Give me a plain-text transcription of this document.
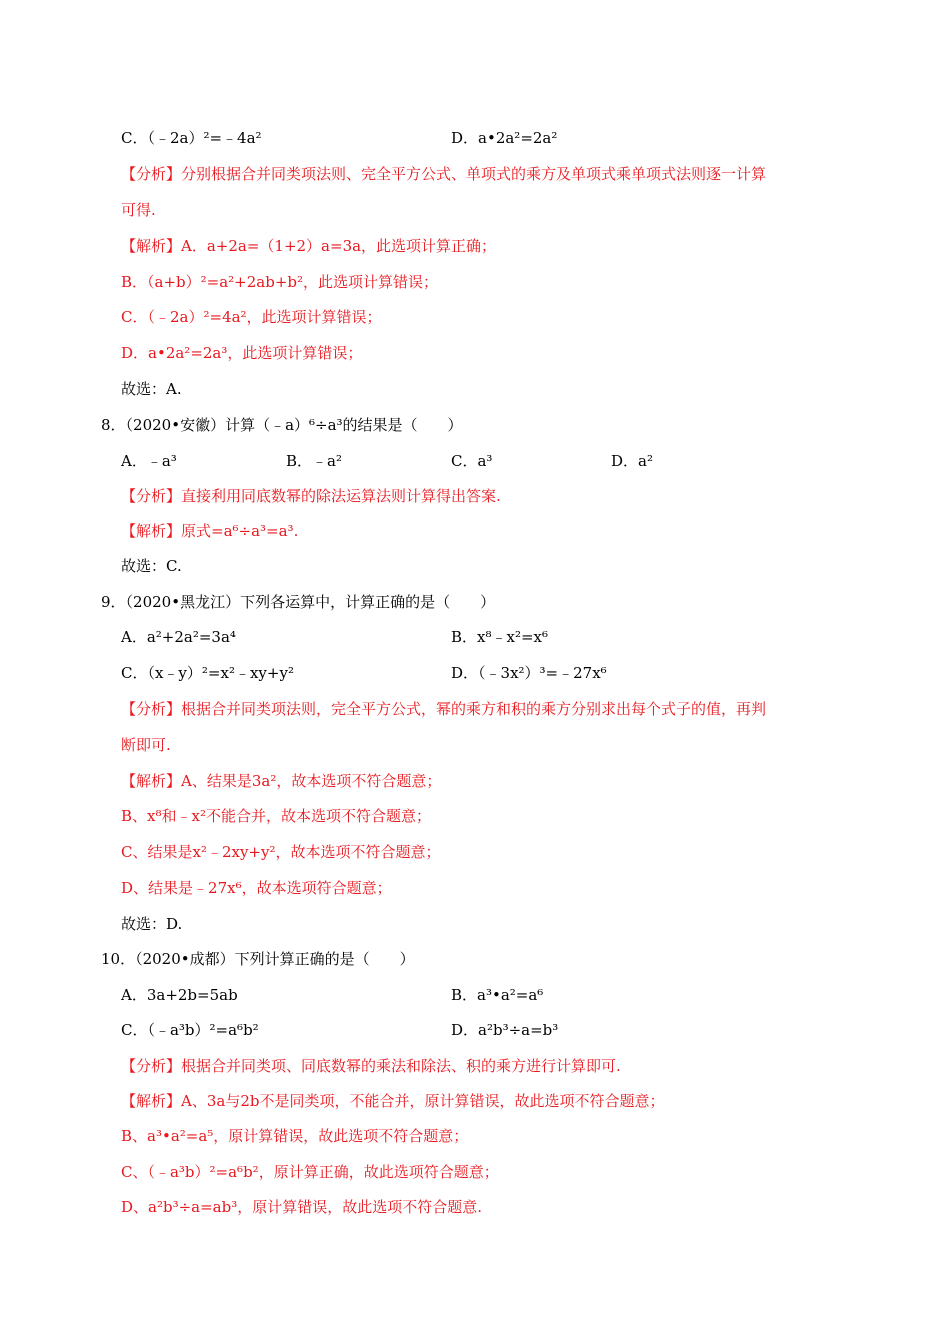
C．（﹣2a）²=﹣4a²	D．a•2a²=2a²
【分析】分别根据合并同类项法则、完全平方公式、单项式的乘方及单项式乘单项式法则逐一计算
可得.
【解析】A．a+2a=（1+2）a=3a，此选项计算正确；
B．（a+b）²=a²+2ab+b²，此选项计算错误；
C．（﹣2a）²=4a²，此选项计算错误；
D．a•2a²=2a³，此选项计算错误；
故选：A.
8．（2020•安徽）计算（﹣a）⁶÷a³的结果是（　　）
A．﹣a³	B．﹣a²	C．a³	D．a²
【分析】直接利用同底数幂的除法运算法则计算得出答案.
【解析】原式=a⁶÷a³=a³.
故选：C.
9．（2020•黑龙江）下列各运算中，计算正确的是（　　）
A．a²+2a²=3a⁴	B．x⁸﹣x²=x⁶
C．（x﹣y）²=x²﹣xy+y²	D．（﹣3x²）³=﹣27x⁶
【分析】根据合并同类项法则，完全平方公式，幂的乘方和积的乘方分别求出每个式子的值，再判
断即可.
【解析】A、结果是3a²，故本选项不符合题意；
B、x⁸和﹣x²不能合并，故本选项不符合题意；
C、结果是x²﹣2xy+y²，故本选项不符合题意；
D、结果是﹣27x⁶，故本选项符合题意；
故选：D.
10．（2020•成都）下列计算正确的是（　　）
A．3a+2b=5ab	B．a³•a²=a⁶
C．（﹣a³b）²=a⁶b²	D．a²b³÷a=b³
【分析】根据合并同类项、同底数幂的乘法和除法、积的乘方进行计算即可.
【解析】A、3a与2b不是同类项，不能合并，原计算错误，故此选项不符合题意；
B、a³•a²=a⁵，原计算错误，故此选项不符合题意；
C、（﹣a³b）²=a⁶b²，原计算正确，故此选项符合题意；
D、a²b³÷a=ab³，原计算错误，故此选项不符合题意.
